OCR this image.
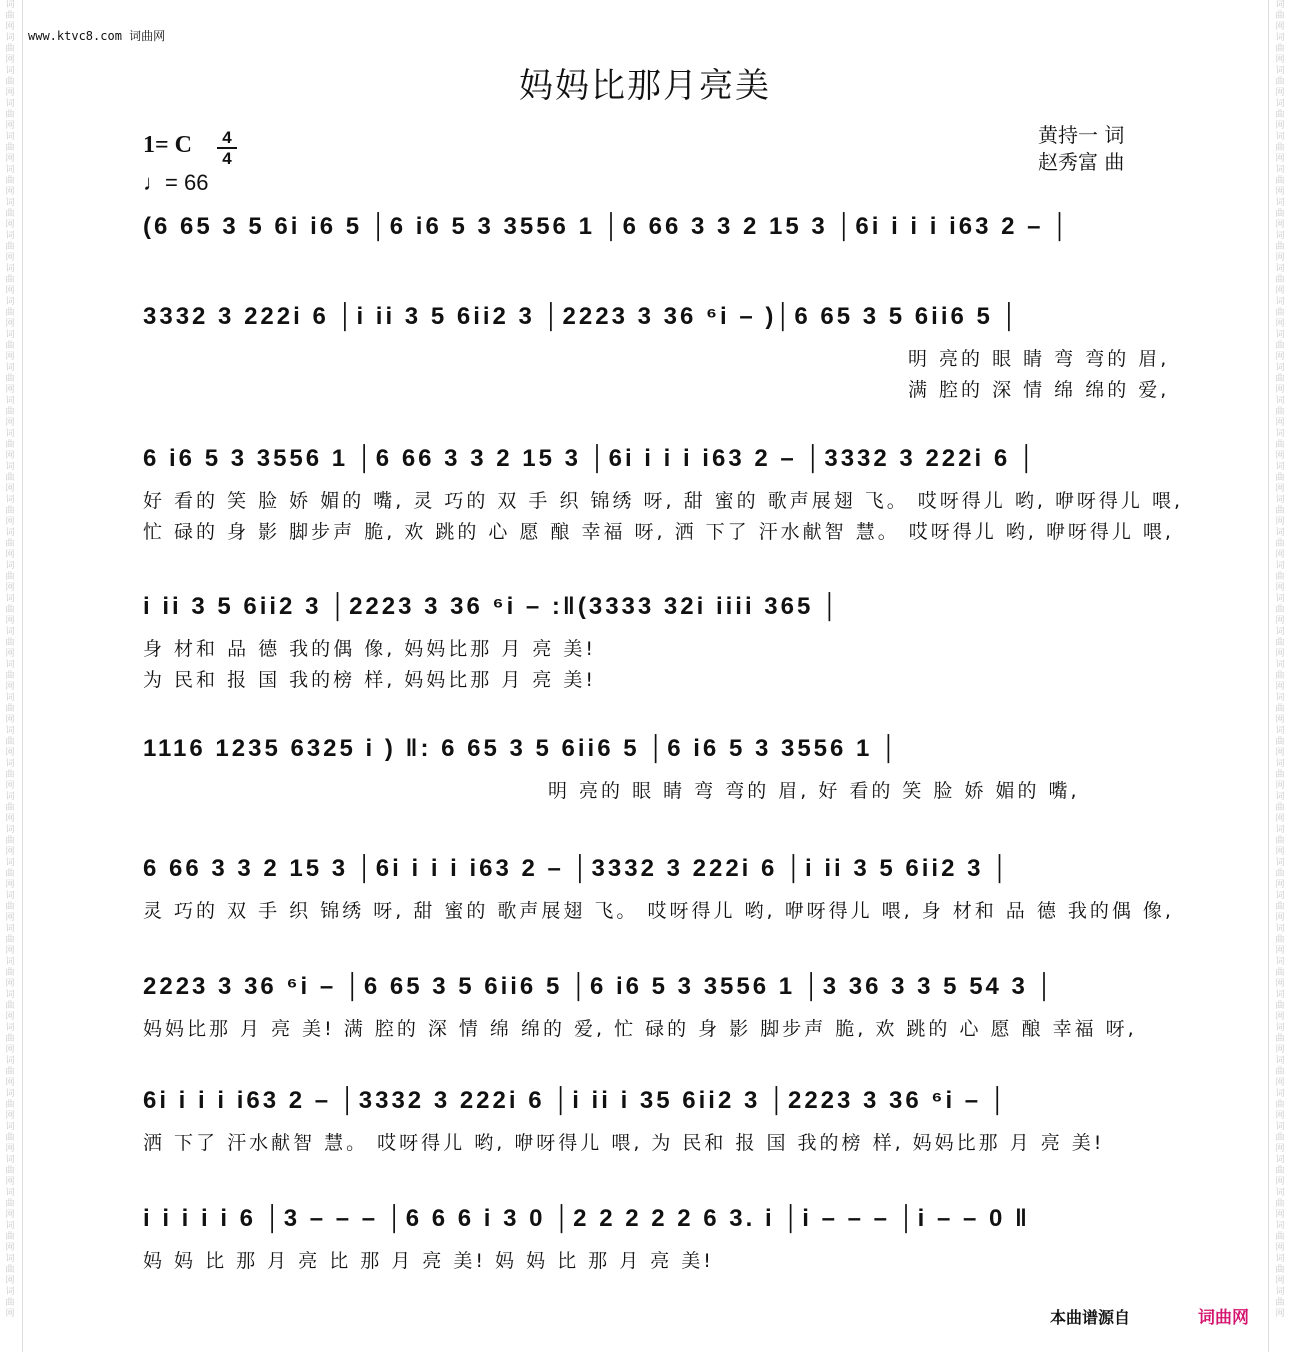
词曲网词曲网词曲网词曲网词曲网词曲网词曲网词曲网词曲网词曲网词曲网词曲网词曲网词曲网词曲网词曲网词曲网词曲网词曲网词曲网词曲网词曲网词曲网词曲网词曲网词曲网词曲网词曲网词曲网词曲网词曲网词曲网词曲网词曲网词曲网词曲网词曲网词曲网词曲网词曲网
词曲网词曲网词曲网词曲网词曲网词曲网词曲网词曲网词曲网词曲网词曲网词曲网词曲网词曲网词曲网词曲网词曲网词曲网词曲网词曲网词曲网词曲网词曲网词曲网词曲网词曲网词曲网词曲网词曲网词曲网词曲网词曲网词曲网词曲网词曲网词曲网词曲网词曲网词曲网词曲网
www.ktvc8.com 词曲网
妈妈比那月亮美
1= C	4
4
♩= 66
黄持一 词
赵秀富 曲
(6 65 3 5 6i i6 5 │6 i6 5 3 3556 1 │6 66 3 3 2 15 3 │6i i i i i63 2 – │
3332 3 222i 6 │i ii 3 5 6ii2 3 │2223 3 36 ⁶i – )│6 65 3 5 6ii6 5 │
明 亮的 眼 睛 弯 弯的 眉,
满 腔的 深 情 绵 绵的 爱,
6 i6 5 3 3556 1 │6 66 3 3 2 15 3 │6i i i i i63 2 – │3332 3 222i 6 │
好 看的 笑 脸 娇 媚的 嘴, 灵 巧的 双 手 织 锦绣 呀, 甜 蜜的 歌声展翅 飞。 哎呀得儿 哟, 咿呀得儿 喂,
忙 碌的 身 影 脚步声 脆, 欢 跳的 心 愿 酿 幸福 呀, 洒 下了 汗水献智 慧。 哎呀得儿 哟, 咿呀得儿 喂,
i ii 3 5 6ii2 3 │2223 3 36 ⁶i – :‖(3333 32i iiii 365 │
身 材和 品 德 我的偶 像, 妈妈比那 月 亮 美!
为 民和 报 国 我的榜 样, 妈妈比那 月 亮 美!
1116 1235 6325 i ) ‖: 6 65 3 5 6ii6 5 │6 i6 5 3 3556 1 │
明 亮的 眼 睛 弯 弯的 眉, 好 看的 笑 脸 娇 媚的 嘴,
6 66 3 3 2 15 3 │6i i i i i63 2 – │3332 3 222i 6 │i ii 3 5 6ii2 3 │
灵 巧的 双 手 织 锦绣 呀, 甜 蜜的 歌声展翅 飞。 哎呀得儿 哟, 咿呀得儿 喂, 身 材和 品 德 我的偶 像,
2223 3 36 ⁶i – │6 65 3 5 6ii6 5 │6 i6 5 3 3556 1 │3 36 3 3 5 54 3 │
妈妈比那 月 亮 美! 满 腔的 深 情 绵 绵的 爱, 忙 碌的 身 影 脚步声 脆, 欢 跳的 心 愿 酿 幸福 呀,
6i i i i i63 2 – │3332 3 222i 6 │i ii i 35 6ii2 3 │2223 3 36 ⁶i – │
洒 下了 汗水献智 慧。 哎呀得儿 哟, 咿呀得儿 喂, 为 民和 报 国 我的榜 样, 妈妈比那 月 亮 美!
i i i i i 6 │3 – – – │6 6 6 i 3 0 │2 2 2 2 2 6 3. i │i – – – │i – – 0 ‖
妈 妈 比 那 月 亮 比 那 月 亮 美! 妈 妈 比 那 月 亮 美!
本曲谱源自	词曲网
